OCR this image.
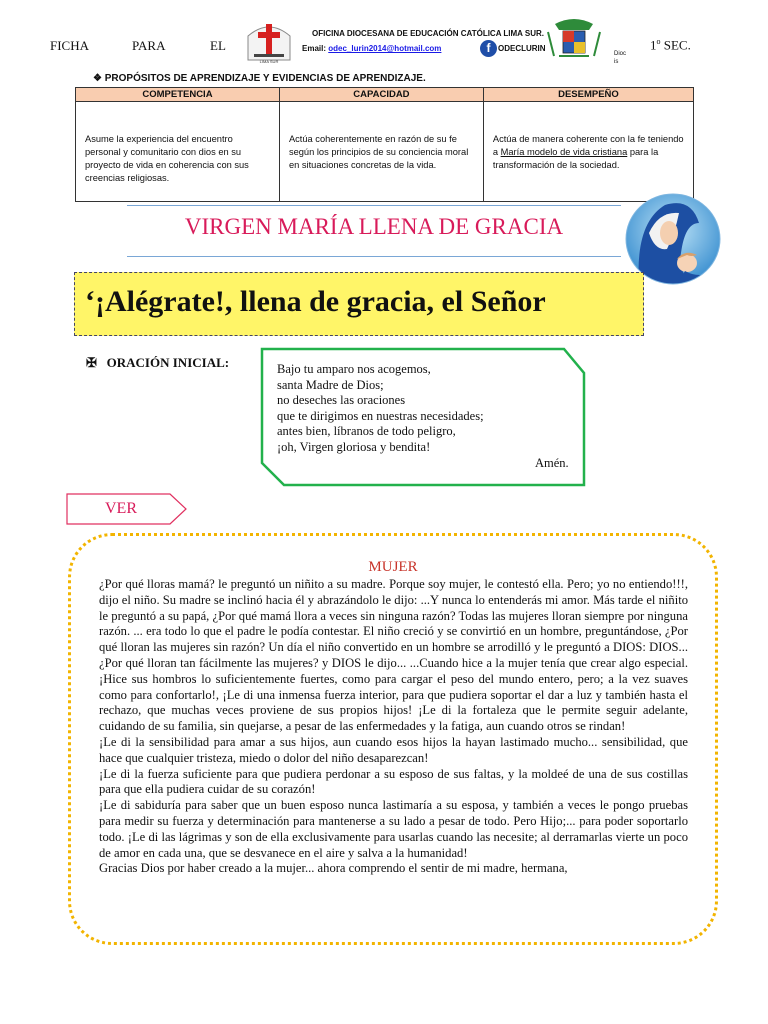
FICHA	PARA	EL
LIMA SUR
OFICINA DIOCESANA DE EDUCACIÓN CATÓLICA LIMA SUR.
Email: odec_lurin2014@hotmail.com	f ODECLURIN
Dioc
is
1$^o$ SEC.
❖ PROPÓSITOS DE APRENDIZAJE Y EVIDENCIAS DE APRENDIZAJE.
COMPETENCIA	CAPACIDAD	DESEMPEÑO
Asume la experiencia del encuentro personal y comunitario con dios en su proyecto de vida en coherencia con sus creencias religiosas.	Actúa coherentemente en razón de su fe según los principios de su conciencia moral en situaciones concretas de la vida.	Actúa de manera coherente con la fe teniendo a María modelo de vida cristiana para la transformación de la sociedad.
VIRGEN MARÍA LLENA DE GRACIA
‘¡Alégrate!, llena de gracia, el Señor
✠ ORACIÓN INICIAL:	Bajo tu amparo nos acogemos,
santa Madre de Dios;
no deseches las oraciones
que te dirigimos en nuestras necesidades;
antes bien, líbranos de todo peligro,
¡oh, Virgen gloriosa y bendita!
Amén.
VER
MUJER

¿Por qué lloras mamá? le preguntó un niñito a su madre. Porque soy mujer, le contestó ella. Pero; yo no entiendo!!!, dijo el niño. Su madre se inclinó hacia él y abrazándolo le dijo: ...Y nunca lo entenderás mi amor. Más tarde el niñito le preguntó a su papá, ¿Por qué mamá llora a veces sin ninguna razón? Todas las mujeres lloran siempre por ninguna razón. ... era todo lo que el padre le podía contestar. El niño creció y se convirtió en un hombre, preguntándose, ¿Por qué lloran las mujeres sin razón? Un día el niño convertido en un hombre se arrodilló y le preguntó a DIOS: DIOS... ¿Por qué lloran tan fácilmente las mujeres? y DIOS le dijo... ...Cuando hice a la mujer tenía que crear algo especial. ¡Hice sus hombros lo suficientemente fuertes, como para cargar el peso del mundo entero, pero; a la vez suaves como para confortarlo!, ¡Le di una inmensa fuerza interior, para que pudiera soportar el dar a luz y también hasta el rechazo, que muchas veces proviene de sus propios hijos! ¡Le di la fortaleza que le permite seguir adelante, cuidando de su familia, sin quejarse, a pesar de las enfermedades y la fatiga, aun cuando otros se rindan!

¡Le di la sensibilidad para amar a sus hijos, aun cuando esos hijos la hayan lastimado mucho... sensibilidad, que hace que cualquier tristeza, miedo o dolor del niño desaparezcan!

¡Le di la fuerza suficiente para que pudiera perdonar a su esposo de sus faltas, y la moldeé de una de sus costillas para que ella pudiera cuidar de su corazón!

¡Le di sabiduría para saber que un buen esposo nunca lastimaría a su esposa, y también a veces le pongo pruebas para medir su fuerza y determinación para mantenerse a su lado a pesar de todo. Pero Hijo;... para poder soportarlo todo. ¡Le di las lágrimas y son de ella exclusivamente para usarlas cuando las necesite; al derramarlas vierte un poco de amor en cada una, que se desvanece en el aire y salva a la humanidad!

Gracias Dios por haber creado a la mujer... ahora comprendo el sentir de mi madre, hermana,
